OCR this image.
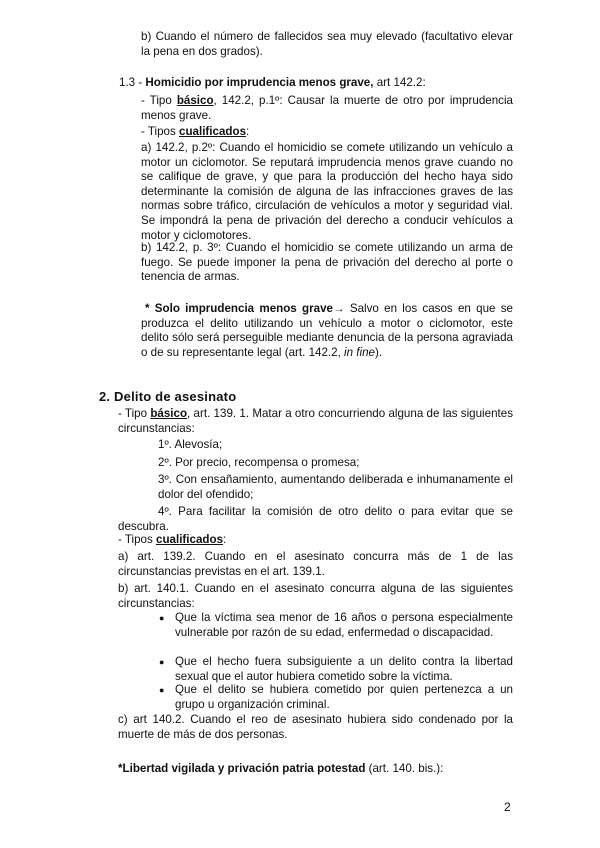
b) Cuando el número de fallecidos sea muy elevado (facultativo elevar la pena en dos grados).

1.3 - Homicidio por imprudencia menos grave, art 142.2:

- Tipo básico, 142.2, p.1º: Causar la muerte de otro por imprudencia menos grave.

- Tipos cualificados:

a) 142.2, p.2º: Cuando el homicidio se comete utilizando un vehículo a motor un ciclomotor. Se reputará imprudencia menos grave cuando no se califique de grave, y que para la producción del hecho haya sido determinante la comisión de alguna de las infracciones graves de las normas sobre tráfico, circulación de vehículos a motor y seguridad vial. Se impondrá la pena de privación del derecho a conducir vehículos a motor y ciclomotores.

b) 142.2, p. 3º: Cuando el homicidio se comete utilizando un arma de fuego. Se puede imponer la pena de privación del derecho al porte o tenencia de armas.

* Solo imprudencia menos grave→ Salvo en los casos en que se produzca el delito utilizando un vehículo a motor o ciclomotor, este delito sólo será perseguible mediante denuncia de la persona agraviada o de su representante legal (art. 142.2, in fine).

2. Delito de asesinato

- Tipo básico, art. 139. 1. Matar a otro concurriendo alguna de las siguientes circunstancias:

1º. Alevosía;

2º. Por precio, recompensa o promesa;

3º. Con ensañamiento, aumentando deliberada e inhumanamente el dolor del ofendido;

4º. Para facilitar la comisión de otro delito o para evitar que se descubra.

- Tipos cualificados:

a) art. 139.2. Cuando en el asesinato concurra más de 1 de las circunstancias previstas en el art. 139.1.

b) art. 140.1. Cuando en el asesinato concurra alguna de las siguientes circunstancias:

● Que la víctima sea menor de 16 años o persona especialmente vulnerable por razón de su edad, enfermedad o discapacidad.

● Que el hecho fuera subsiguiente a un delito contra la libertad sexual que el autor hubiera cometido sobre la víctima.

● Que el delito se hubiera cometido por quien pertenezca a un grupo u organización criminal.

c) art 140.2. Cuando el reo de asesinato hubiera sido condenado por la muerte de más de dos personas.

*Libertad vigilada y privación patria potestad (art. 140. bis.):

2
